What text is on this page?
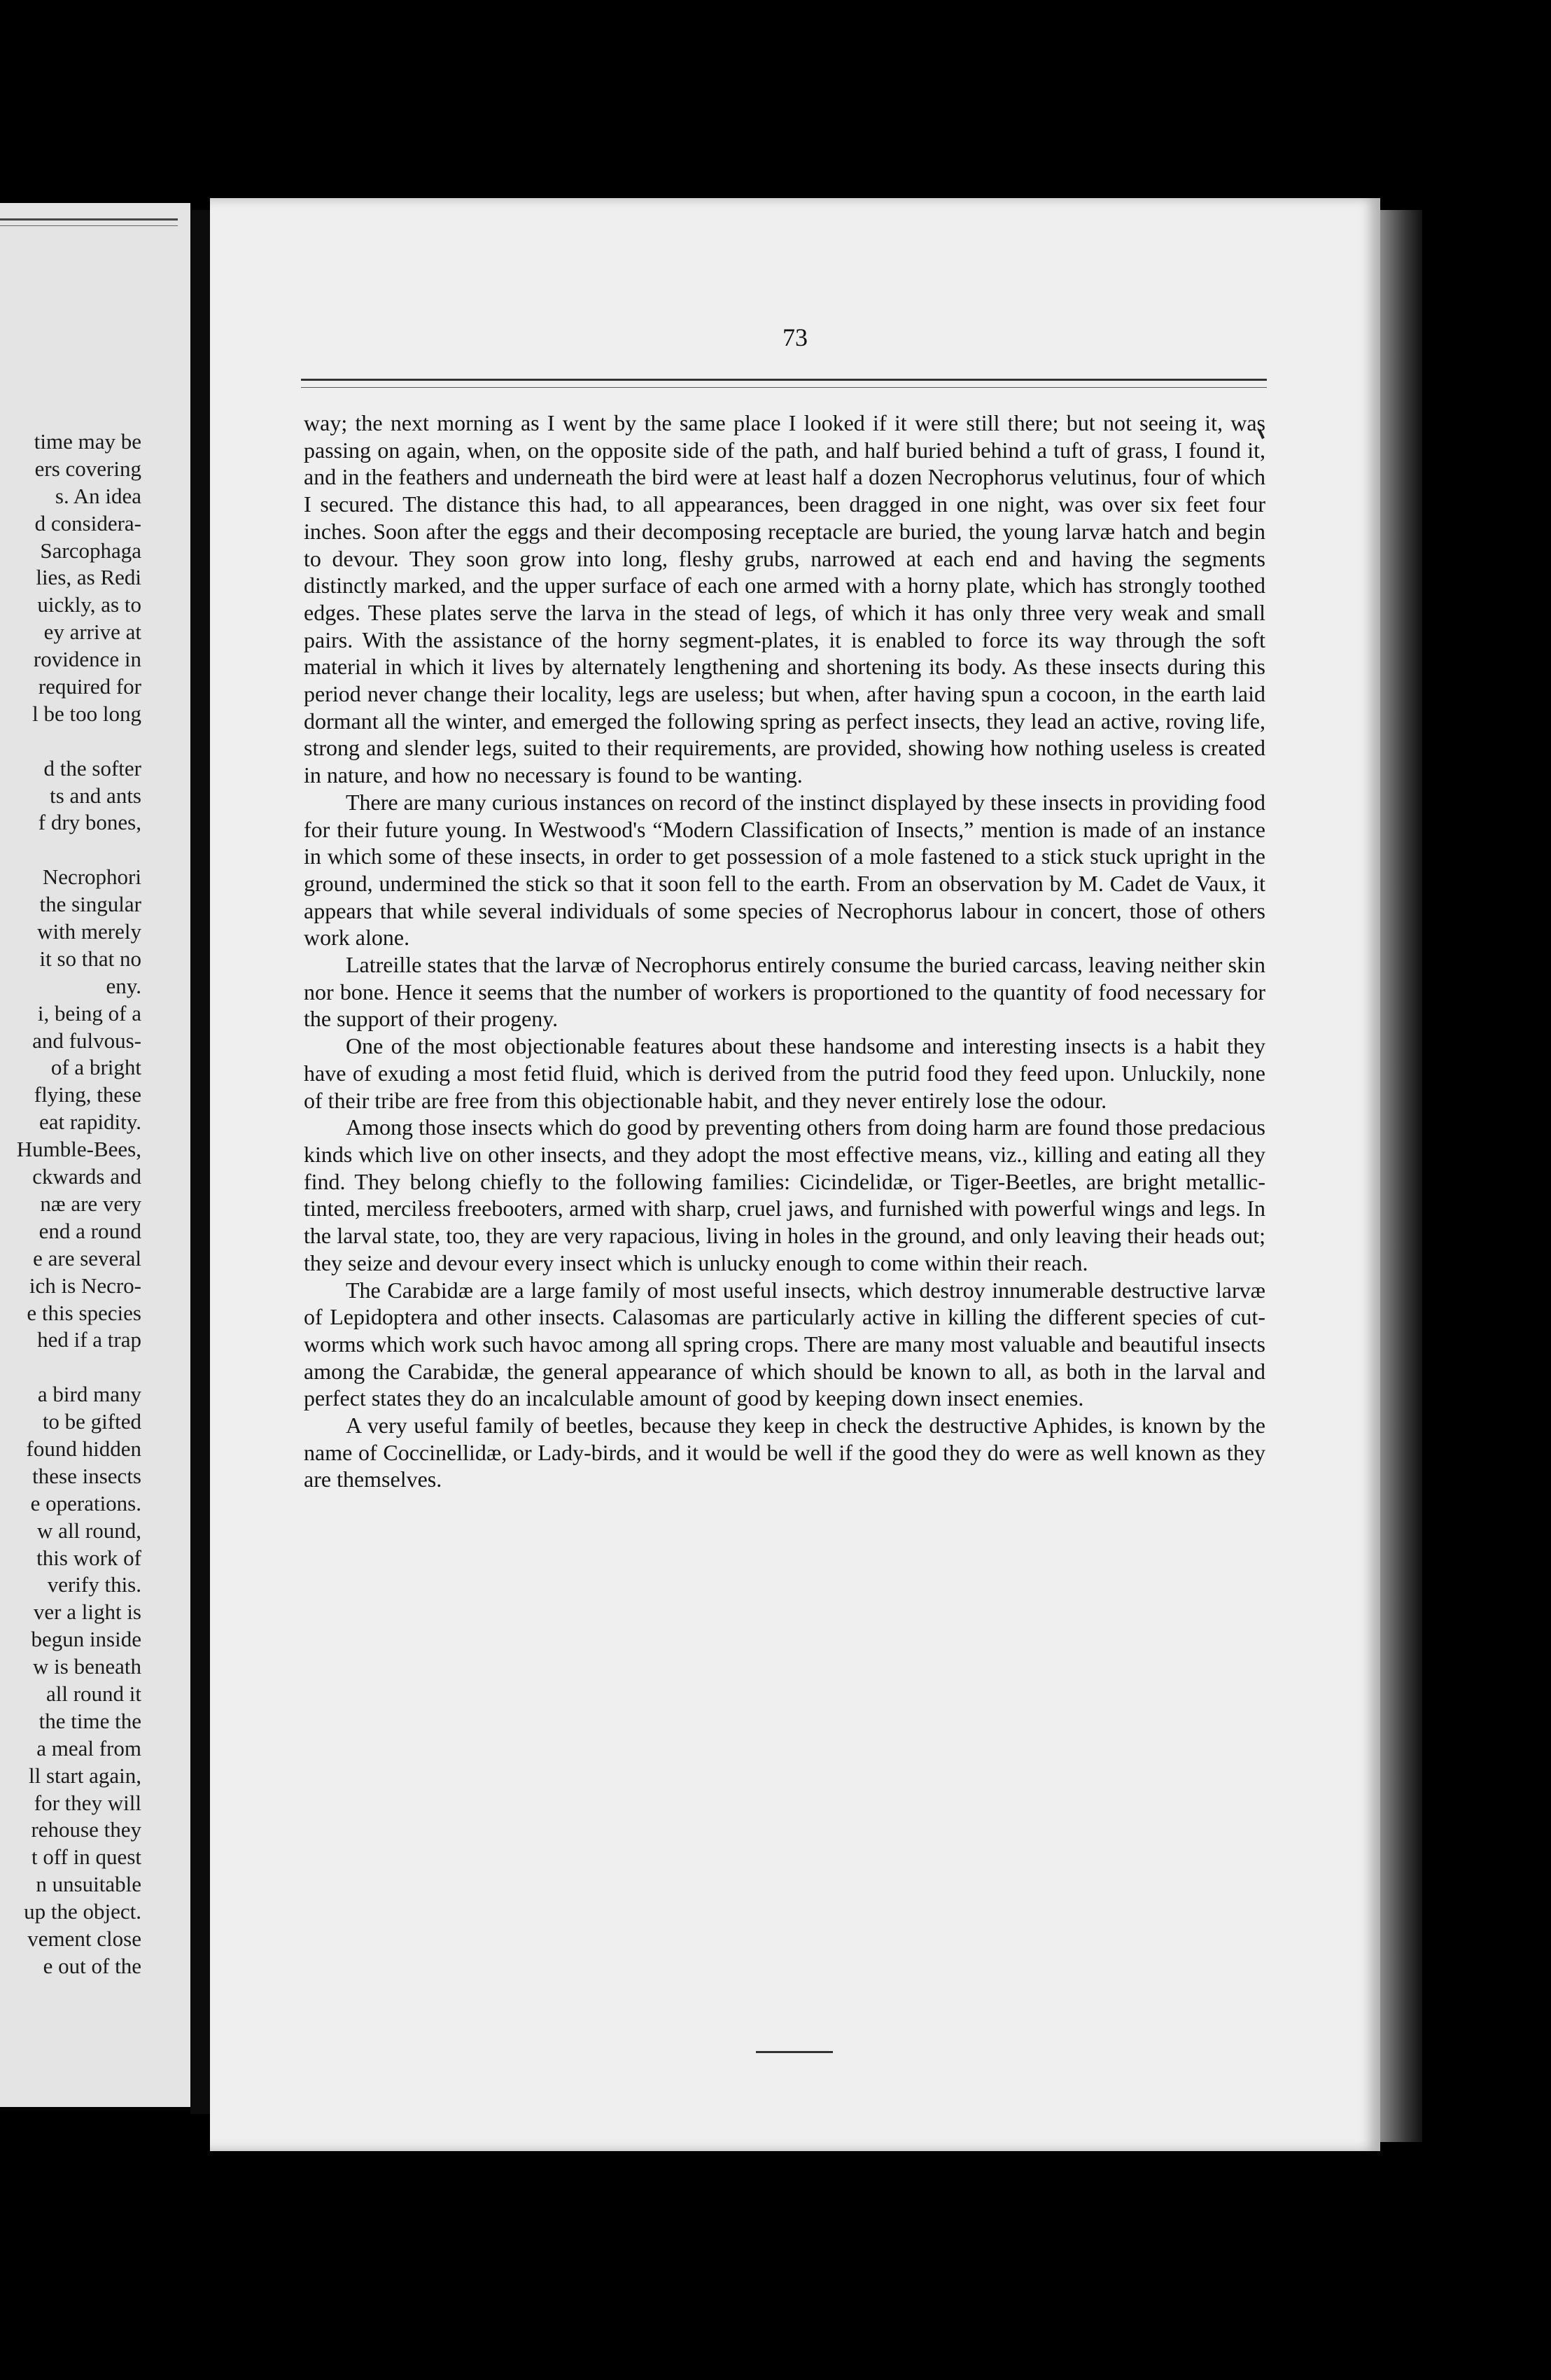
time may be
ers covering
s. An idea
d considera-
Sarcophaga
lies, as Redi
uickly, as to
ey arrive at
rovidence in
required for
l be too long
d the softer
ts and ants
f dry bones,
Necrophori
the singular
with merely
it so that no
eny.
i, being of a
and fulvous-
of a bright
flying, these
eat rapidity.
Humble-Bees,
ckwards and
næ are very
end a round
e are several
ich is Necro-
e this species
hed if a trap
a bird many
to be gifted
found hidden
these insects
e operations.
w all round,
this work of
verify this.
ver a light is
begun inside
w is beneath
all round it
the time the
a meal from
ll start again,
for they will
rehouse they
t off in quest
n unsuitable
up the object.
vement close
e out of the

73

way; the next morning as I went by the same place I looked if it were still there; but not seeing it, was passing on again, when, on the opposite side of the path, and half buried behind a tuft of grass, I found it, and in the feathers and underneath the bird were at least half a dozen Necrophorus velutinus, four of which I secured. The distance this had, to all appearances, been dragged in one night, was over six feet four inches. Soon after the eggs and their decomposing receptacle are buried, the young larvæ hatch and begin to devour. They soon grow into long, fleshy grubs, narrowed at each end and having the segments distinctly marked, and the upper surface of each one armed with a horny plate, which has strongly toothed edges. These plates serve the larva in the stead of legs, of which it has only three very weak and small pairs. With the assistance of the horny segment-plates, it is enabled to force its way through the soft material in which it lives by alternately lengthening and shortening its body. As these insects during this period never change their locality, legs are useless; but when, after having spun a cocoon, in the earth laid dormant all the winter, and emerged the following spring as perfect insects, they lead an active, roving life, strong and slender legs, suited to their requirements, are provided, showing how nothing useless is created in nature, and how no necessary is found to be wanting.

There are many curious instances on record of the instinct displayed by these insects in providing food for their future young. In Westwood's “Modern Classification of Insects,” mention is made of an instance in which some of these insects, in order to get possession of a mole fastened to a stick stuck upright in the ground, undermined the stick so that it soon fell to the earth. From an observation by M. Cadet de Vaux, it appears that while several individuals of some species of Necrophorus labour in concert, those of others work alone.

Latreille states that the larvæ of Necrophorus entirely consume the buried carcass, leaving neither skin nor bone. Hence it seems that the number of workers is proportioned to the quantity of food necessary for the support of their progeny.

One of the most objectionable features about these handsome and interesting insects is a habit they have of exuding a most fetid fluid, which is derived from the putrid food they feed upon. Unluckily, none of their tribe are free from this objectionable habit, and they never entirely lose the odour.

Among those insects which do good by preventing others from doing harm are found those predacious kinds which live on other insects, and they adopt the most effective means, viz., killing and eating all they find. They belong chiefly to the following families: Cicindelidæ, or Tiger-Beetles, are bright metallic-tinted, merciless freebooters, armed with sharp, cruel jaws, and furnished with powerful wings and legs. In the larval state, too, they are very rapacious, living in holes in the ground, and only leaving their heads out; they seize and devour every insect which is unlucky enough to come within their reach.

The Carabidæ are a large family of most useful insects, which destroy innumerable destructive larvæ of Lepidoptera and other insects. Calasomas are particularly active in killing the different species of cut-worms which work such havoc among all spring crops. There are many most valuable and beautiful insects among the Carabidæ, the general appearance of which should be known to all, as both in the larval and perfect states they do an incalculable amount of good by keeping down insect enemies.

A very useful family of beetles, because they keep in check the destructive Aphides, is known by the name of Coccinellidæ, or Lady-birds, and it would be well if the good they do were as well known as they are themselves.
